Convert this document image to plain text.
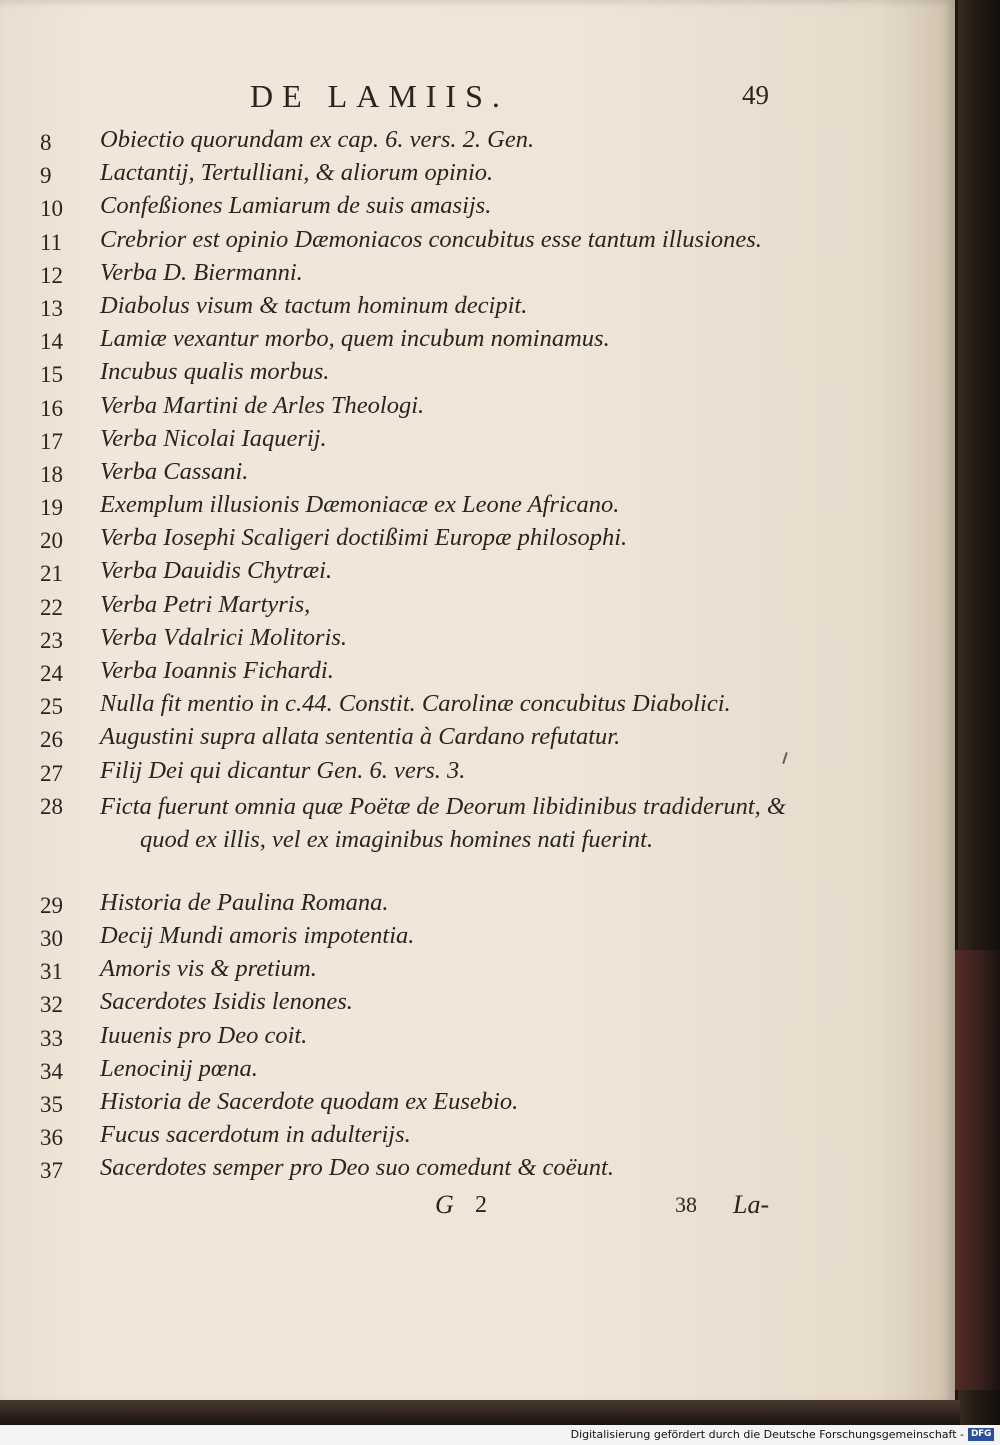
DE LAMIIS.	49
8	Obiectio quorundam ex cap. 6. vers. 2. Gen.
9	Lactantij, Tertulliani, & aliorum opinio.
10	Confeßiones Lamiarum de suis amasijs.
11	Crebrior est opinio Dæmoniacos concubitus esse tantum illusiones.
12	Verba D. Biermanni.
13	Diabolus visum & tactum hominum decipit.
14	Lamiæ vexantur morbo, quem incubum nominamus.
15	Incubus qualis morbus.
16	Verba Martini de Arles Theologi.
17	Verba Nicolai Iaquerij.
18	Verba Cassani.
19	Exemplum illusionis Dæmoniacæ ex Leone Africano.
20	Verba Iosephi Scaligeri doctißimi Europæ philosophi.
21	Verba Dauidis Chytræi.
22	Verba Petri Martyris,
23	Verba Vdalrici Molitoris.
24	Verba Ioannis Fichardi.
25	Nulla fit mentio in c.44. Constit. Carolinæ concubitus Diabolici.
26	Augustini supra allata sententia à Cardano refutatur.
27	Filij Dei qui dicantur Gen. 6. vers. 3.
28	Ficta fuerunt omnia quæ Poëtæ de Deorum libidinibus tradiderunt, & quod ex illis, vel ex imaginibus homines nati fuerint.
29	Historia de Paulina Romana.
30	Decij Mundi amoris impotentia.
31	Amoris vis & pretium.
32	Sacerdotes Isidis lenones.
33	Iuuenis pro Deo coit.
34	Lenocinij pœna.
35	Historia de Sacerdote quodam ex Eusebio.
36	Fucus sacerdotum in adulterijs.
37	Sacerdotes semper pro Deo suo comedunt & coëunt.
G 2	38 La-
Digitalisierung gefördert durch die Deutsche Forschungsgemeinschaft - DFG
